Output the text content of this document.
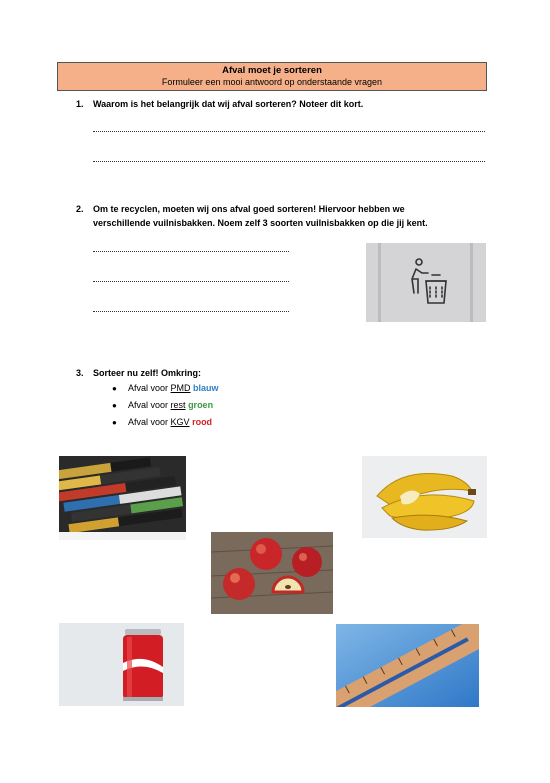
Afval moet je sorteren
Formuleer een mooi antwoord op onderstaande vragen
1. Waarom is het belangrijk dat wij afval sorteren? Noteer dit kort.
2. Om te recyclen, moeten wij ons afval goed sorteren! Hiervoor hebben we
verschillende vuilnisbakken. Noem zelf 3 soorten vuilnisbakken op die jij kent.
3. Sorteer nu zelf! Omkring:
● Afval voor PMD blauw
● Afval voor rest groen
● Afval voor KGV rood
